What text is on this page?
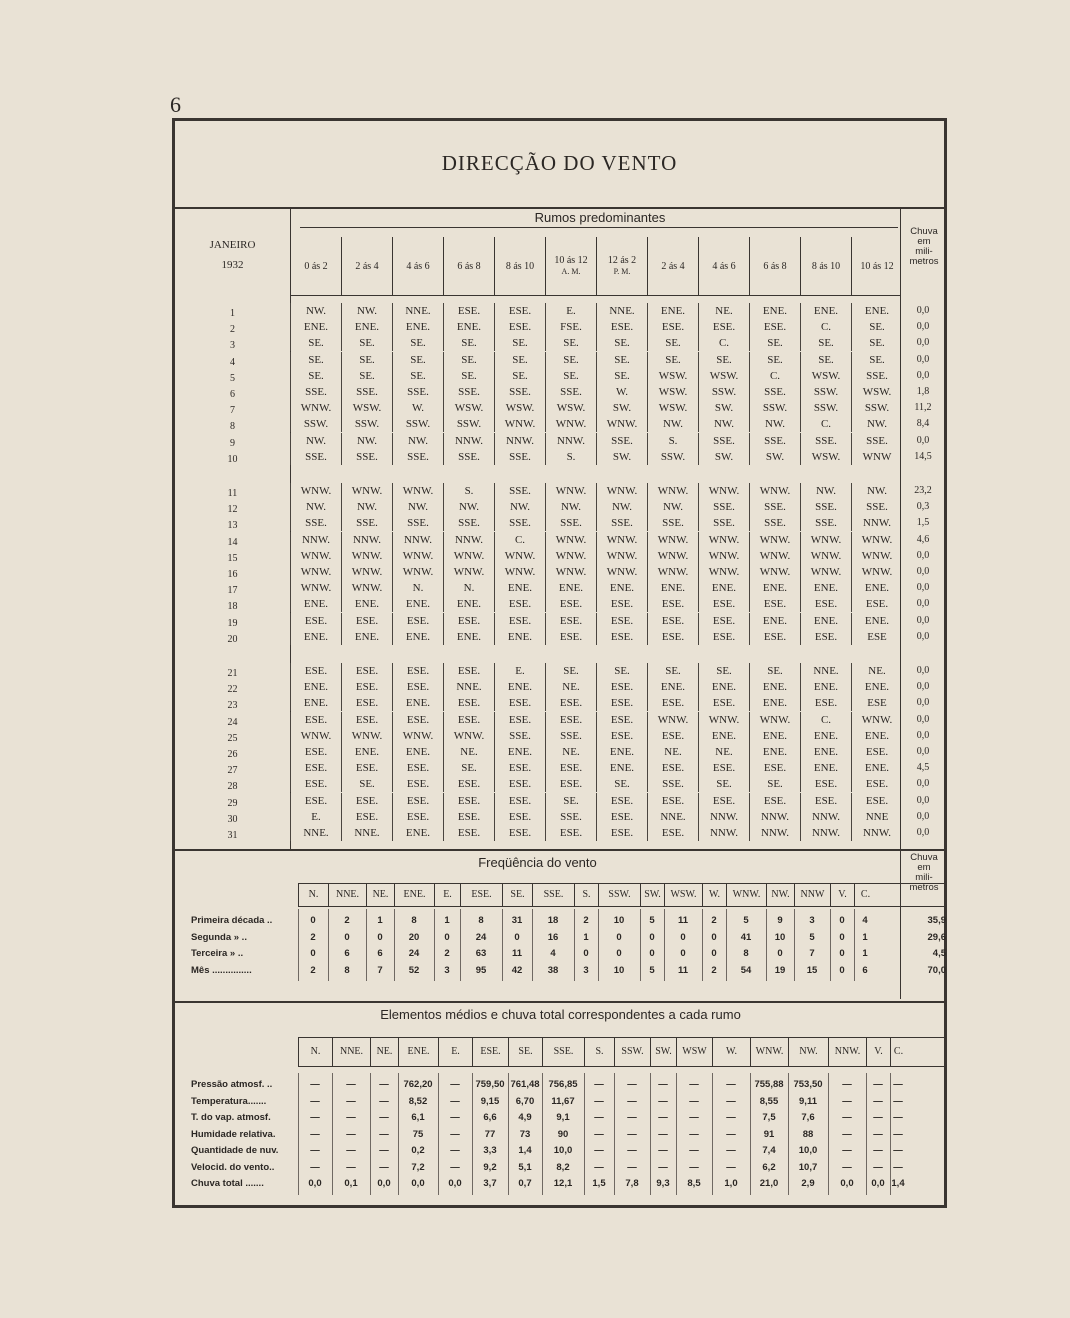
6
DIRECÇÃO DO VENTO
JANEIRO
1932
Rumos predominantes
0 ás 2	2 ás 4	4 ás 6	6 ás 8	8 ás 10 10 ás 12
A. M.
12 ás 2
P. M.	2 ás 4	4 ás 6	6 ás 8	8 ás 10 10 ás 12
Chuva
em
mili-
metros
1	NW.	NW.	NNE.	ESE.	ESE.	E.	NNE.	ENE.	NE.	ENE.	ENE.	ENE.	0,0
2	ENE.	ENE.	ENE.	ENE.	ESE.	FSE.	ESE.	ESE.	ESE.	ESE.	C.	SE.	0,0
3	SE.	SE.	SE.	SE.	SE.	SE.	SE.	SE.	C.	SE.	SE.	SE.	0,0
4	SE.	SE.	SE.	SE.	SE.	SE.	SE.	SE.	SE.	SE.	SE.	SE.	0,0
5	SE.	SE.	SE.	SE.	SE.	SE.	SE.	WSW.	WSW.	C.	WSW.	SSE.	0,0
6	SSE.	SSE.	SSE.	SSE.	SSE.	SSE.	W.	WSW.	SSW.	SSE.	SSW.	WSW.	1,8
7	WNW.	WSW.	W.	WSW.	WSW.	WSW.	SW.	WSW.	SW.	SSW.	SSW.	SSW.	11,2
8	SSW.	SSW.	SSW.	SSW.	WNW.	WNW.	WNW.	NW.	NW.	NW.	C.	NW.	8,4
9	NW.	NW.	NW.	NNW.	NNW.	NNW.	SSE.	S.	SSE.	SSE.	SSE.	SSE.	0,0
10	SSE.	SSE.	SSE.	SSE.	SSE.	S.	SW.	SSW.	SW.	SW.	WSW.	WNW	14,5
11	WNW.	WNW.	WNW.	S.	SSE.	WNW.	WNW.	WNW.	WNW.	WNW.	NW.	NW.	23,2
12	NW.	NW.	NW.	NW.	NW.	NW.	NW.	NW.	SSE.	SSE.	SSE.	SSE.	0,3
13	SSE.	SSE.	SSE.	SSE.	SSE.	SSE.	SSE.	SSE.	SSE.	SSE.	SSE.	NNW.	1,5
14	NNW.	NNW.	NNW.	NNW.	C.	WNW.	WNW.	WNW.	WNW.	WNW.	WNW.	WNW.	4,6
15	WNW.	WNW.	WNW.	WNW.	WNW.	WNW.	WNW.	WNW.	WNW.	WNW.	WNW.	WNW.	0,0
16	WNW.	WNW.	WNW.	WNW.	WNW.	WNW.	WNW.	WNW.	WNW.	WNW.	WNW.	WNW.	0,0
17	WNW.	WNW.	N.	N.	ENE.	ENE.	ENE.	ENE.	ENE.	ENE.	ENE.	ENE.	0,0
18	ENE.	ENE.	ENE.	ENE.	ESE.	ESE.	ESE.	ESE.	ESE.	ESE.	ESE.	ESE.	0,0
19	ESE.	ESE.	ESE.	ESE.	ESE.	ESE.	ESE.	ESE.	ESE.	ENE.	ENE.	ENE.	0,0
20	ENE.	ENE.	ENE.	ENE.	ENE.	ESE.	ESE.	ESE.	ESE.	ESE.	ESE.	ESE	0,0
21	ESE.	ESE.	ESE.	ESE.	E.	SE.	SE.	SE.	SE.	SE.	NNE.	NE.	0,0
22	ENE.	ESE.	ESE.	NNE.	ENE.	NE.	ESE.	ENE.	ENE.	ENE.	ENE.	ENE.	0,0
23	ENE.	ESE.	ENE.	ESE.	ESE.	ESE.	ESE.	ESE.	ESE.	ENE.	ESE.	ESE	0,0
24	ESE.	ESE.	ESE.	ESE.	ESE.	ESE.	ESE.	WNW.	WNW.	WNW.	C.	WNW.	0,0
25	WNW.	WNW.	WNW.	WNW.	SSE.	SSE.	ESE.	ESE.	ENE.	ENE.	ENE.	ENE.	0,0
26	ESE.	ENE.	ENE.	NE.	ENE.	NE.	ENE.	NE.	NE.	ENE.	ENE.	ESE.	0,0
27	ESE.	ESE.	ESE.	SE.	ESE.	ESE.	ENE.	ESE.	ESE.	ESE.	ENE.	ENE.	4,5
28	ESE.	SE.	ESE.	ESE.	ESE.	ESE.	SE.	SSE.	SE.	SE.	ESE.	ESE.	0,0
29	ESE.	ESE.	ESE.	ESE.	ESE.	SE.	ESE.	ESE.	ESE.	ESE.	ESE.	ESE.	0,0
30	E.	ESE.	ESE.	ESE.	ESE.	SSE.	ESE.	NNE.	NNW.	NNW.	NNW.	NNE	0,0
31	NNE.	NNE.	ENE.	ESE.	ESE.	ESE.	ESE.	ESE.	NNW.	NNW.	NNW.	NNW.	0,0
Freqüência do vento	Chuva
em
mili-
metros
N.	NNE.	NE.	ENE.	E.	ESE.	SE.	SSE.	S.	SSW.	SW. WSW.	W.	WNW.	NW.	NNW	V.	C.
Primeira década ..	0	2	1	8	1	8	31	18	2	10	5	11	2	5	9	3	0	4	35,9
Segunda » ..	2	0	0	20	0	24	0	16	1	0	0	0	0	41	10	5	0	1	29,6
Terceira » ..	0	6	6	24	2	63	11	4	0	0	0	0	0	8	0	7	0	1	4,5
Mês ...............	2	8	7	52	3	95	42	38	3	10	5	11	2	54	19	15	0	6	70,0
Elementos médios e chuva total correspondentes a cada rumo
N.	NNE.	NE.	ENE.	E.	ESE.	SE.	SSE.	S.	SSW.	SW.	WSW	W.	WNW.	NW.	NNW.	V.	C.
Pressão atmosf. ..	—	—	—	762,20	—	759,50 761,48 756,85	—	—	—	—	—	755,88	753,50	—	—	—
Temperatura.......	—	—	—	8,52	—	9,15	6,70	11,67	—	—	—	—	—	8,55	9,11	—	—	—
T. do vap. atmosf.	—	—	—	6,1	—	6,6	4,9	9,1	—	—	—	—	—	7,5	7,6	—	—	—
Humidade relativa.	—	—	—	75	—	77	73	90	—	—	—	—	—	91	88	—	—	—
Quantidade de nuv.	—	—	—	0,2	—	3,3	1,4	10,0	—	—	—	—	—	7,4	10,0	—	—	—
Velocid. do vento..	—	—	—	7,2	—	9,2	5,1	8,2	—	—	—	—	—	6,2	10,7	—	—	—
Chuva total .......	0,0	0,1	0,0	0,0	0,0	3,7	0,7	12,1	1,5	7,8	9,3	8,5	1,0	21,0	2,9	0,0	0,0 1,4
